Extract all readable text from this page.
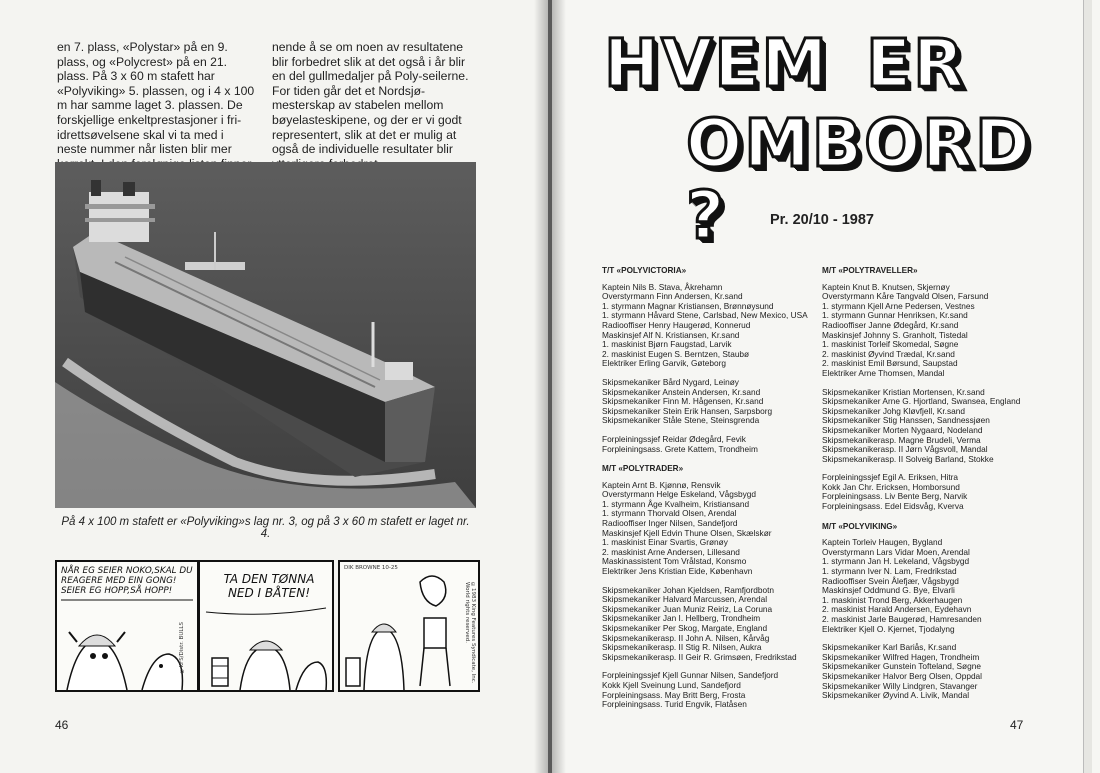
en 7. plass, «Polystar» på en 9. plass, og «Polycrest» på en 21. plass. På 3 x 60 m stafett har «Polyviking» 5. plassen, og i 4 x 100 m har samme laget 3. plassen. De forskjellige enkeltprestasjoner i fri-idrettsøvelsene skal vi ta med i neste nummer når listen blir mer

nende å se om noen av resultatene blir forbedret slik at det også i år blir en del gullmedaljer på Poly-seilerne. For tiden går det et Nordsjø-mesterskap av stabelen mellom bøyelasteskipene, og der er vi godt representert, slik at det er mulig at også de individuelle resultater blir

På 4 x 100 m stafett er «Polyviking»s lag nr. 3, og på 3 x 60 m stafett er laget nr. 4.
NÅR EG SEIER NOKO,SKAL DU REAGERE MED EIN GONG! SEIER EG HOPP,SÅ HOPP!
©KFS/Distr. BULLS
TA DEN TØNNA NED I BÅTEN!
DIK BROWNE 10-25
©1983 King Features Syndicate, Inc. World rights reserved.
46
HVEM ER
OMBORD ?	Pr. 20/10 - 1987
T/T «POLYVICTORIA»
Kaptein Nils B. Stava, Åkrehamn
Overstyrmann Finn Andersen, Kr.sand
1. styrmann Magnar Kristiansen, Brønnøysund
1. styrmann Håvard Stene, Carlsbad, New Mexico, USA
Radiooffiser Henry Haugerød, Konnerud
Maskinsjef Alf N. Kristiansen, Kr.sand
1. maskinist Bjørn Faugstad, Larvik
2. maskinist Eugen S. Berntzen, Staubø
Elektriker Erling Garvik, Gøteborg
Skipsmekaniker Bård Nygard, Leinøy
Skipsmekaniker Anstein Andersen, Kr.sand
Skipsmekaniker Finn M. Hågensen, Kr.sand
Skipsmekaniker Stein Erik Hansen, Sarpsborg
Skipsmekaniker Ståle Stene, Steinsgrenda
Forpleiningssjef Reidar Ødegård, Fevik
Forpleiningsass. Grete Kattem, Trondheim
M/T «POLYTRADER»
Kaptein Arnt B. Kjønnø, Rensvik
Overstyrmann Helge Eskeland, Vågsbygd
1. styrmann Åge Kvalheim, Kristiansand
1. styrmann Thorvald Olsen, Arendal
Radiooffiser Inger Nilsen, Sandefjord
Maskinsjef Kjell Edvin Thune Olsen, Skælskør
1. maskinist Einar Svartis, Grønøy
2. maskinist Arne Andersen, Lillesand
Maskinassistent Tom Vrålstad, Konsmo
Elektriker Jens Kristian Eide, København
Skipsmekaniker Johan Kjeldsen, Ramfjordbotn
Skipsmekaniker Halvard Marcussen, Arendal
Skipsmekaniker Juan Muniz Reiriz, La Coruna
Skipsmekaniker Jan I. Hellberg, Trondheim
Skipsmekaniker Per Skog, Margate, England
Skipsmekanikerasp. II John A. Nilsen, Kårvåg
Skipsmekanikerasp. II Stig R. Nilsen, Aukra
Skipsmekanikerasp. II Geir R. Grimsøen, Fredrikstad
Forpleiningssjef Kjell Gunnar Nilsen, Sandefjord
Kokk Kjell Sveinung Lund, Sandefjord
Forpleiningsass. May Britt Berg, Frosta
Forpleiningsass. Turid Engvik, Flatåsen
M/T «POLYTRAVELLER»
Kaptein Knut B. Knutsen, Skjernøy
Overstyrmann Kåre Tangvald Olsen, Farsund
1. styrmann Kjell Arne Pedersen, Vestnes
1. styrmann Gunnar Henriksen, Kr.sand
Radiooffiser Janne Ødegård, Kr.sand
Maskinsjef Johnny S. Granholt, Tistedal
1. maskinist Torleif Skomedal, Søgne
2. maskinist Øyvind Trædal, Kr.sand
2. maskinist Emil Børsund, Saupstad
Elektriker Arne Thomsen, Mandal
Skipsmekaniker Kristian Mortensen, Kr.sand
Skipsmekaniker Arne G. Hjortland, Swansea, England
Skipsmekaniker Johg Kløvfjell, Kr.sand
Skipsmekaniker Stig Hanssen, Sandnessjøen
Skipsmekaniker Morten Nygaard, Nodeland
Skipsmekanikerasp. Magne Brudeli, Verma
Skipsmekanikerasp. II Jørn Vågsvoll, Mandal
Skipsmekanikerasp. II Solveig Barland, Stokke
Forpleiningssjef Egil A. Eriksen, Hitra
Kokk Jan Chr. Ericksen, Homborsund
Forpleiningsass. Liv Bente Berg, Narvik
Forpleiningsass. Edel Eidsvåg, Kverva
M/T «POLYVIKING»
Kaptein Torleiv Haugen, Bygland
Overstyrmann Lars Vidar Moen, Arendal
1. styrmann Jan H. Lekeland, Vågsbygd
1. styrmann Iver N. Lam, Fredrikstad
Radiooffiser Svein Ålefjær, Vågsbygd
Maskinsjef Oddmund G. Bye, Elvarli
1. maskinist Trond Berg, Akkerhaugen
2. maskinist Harald Andersen, Eydehavn
2. maskinist Jarle Baugerød, Hamresanden
Elektriker Kjell O. Kjernet, Tjodalyng
Skipsmekaniker Karl Bariås, Kr.sand
Skipsmekaniker Wilfred Hagen, Trondheim
Skipsmekaniker Gunstein Tofteland, Søgne
Skipsmekaniker Halvor Berg Olsen, Oppdal
Skipsmekaniker Willy Lindgren, Stavanger
Skipsmekaniker Øyvind A. Livik, Mandal
47
